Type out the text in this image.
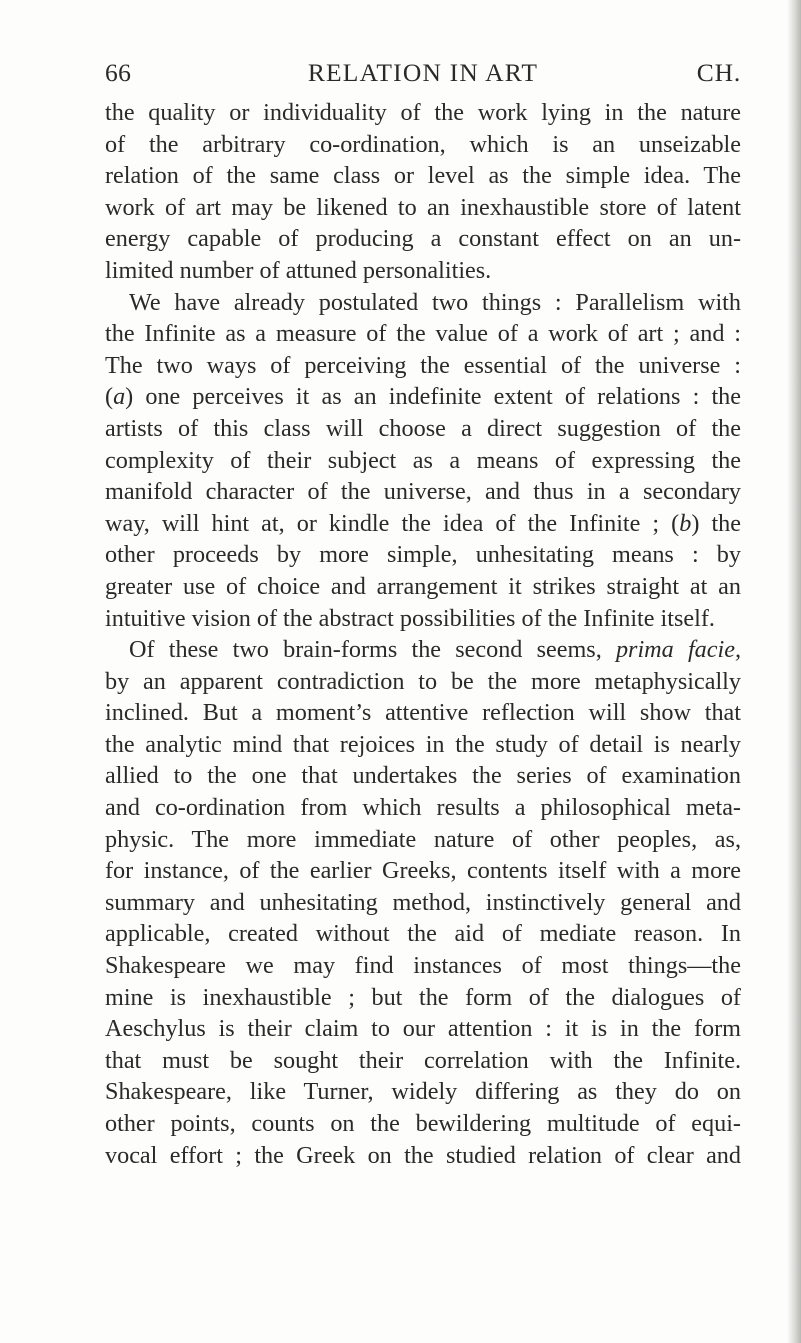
66	RELATION IN ART	CH.
the quality or individuality of the work lying in the nature
of the arbitrary co-ordination, which is an unseizable
relation of the same class or level as the simple idea. The
work of art may be likened to an inexhaustible store of latent
energy capable of producing a constant effect on an un-
limited number of attuned personalities.
We have already postulated two things : Parallelism with
the Infinite as a measure of the value of a work of art ; and :
The two ways of perceiving the essential of the universe :
(a) one perceives it as an indefinite extent of relations : the
artists of this class will choose a direct suggestion of the
complexity of their subject as a means of expressing the
manifold character of the universe, and thus in a secondary
way, will hint at, or kindle the idea of the Infinite ; (b) the
other proceeds by more simple, unhesitating means : by
greater use of choice and arrangement it strikes straight at an
intuitive vision of the abstract possibilities of the Infinite itself.
Of these two brain-forms the second seems, prima facie,
by an apparent contradiction to be the more metaphysically
inclined. But a moment’s attentive reflection will show that
the analytic mind that rejoices in the study of detail is nearly
allied to the one that undertakes the series of examination
and co-ordination from which results a philosophical meta-
physic. The more immediate nature of other peoples, as,
for instance, of the earlier Greeks, contents itself with a more
summary and unhesitating method, instinctively general and
applicable, created without the aid of mediate reason. In
Shakespeare we may find instances of most things—the
mine is inexhaustible ; but the form of the dialogues of
Aeschylus is their claim to our attention : it is in the form
that must be sought their correlation with the Infinite.
Shakespeare, like Turner, widely differing as they do on
other points, counts on the bewildering multitude of equi-
vocal effort ; the Greek on the studied relation of clear and
